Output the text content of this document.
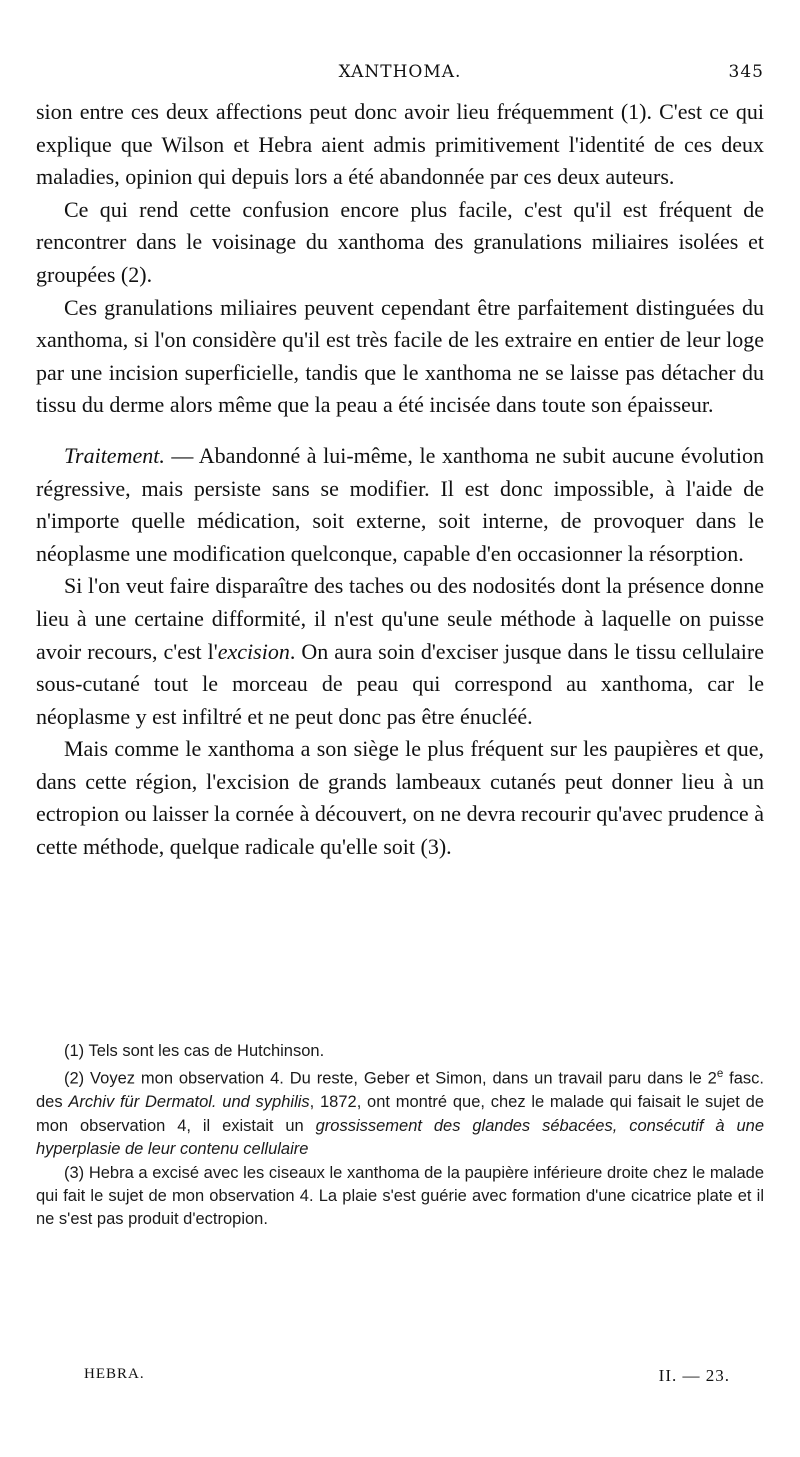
XANTHOMA.	345

sion entre ces deux affections peut donc avoir lieu fréquemment (1). C'est ce qui explique que Wilson et Hebra aient admis primitivement l'identité de ces deux maladies, opinion qui depuis lors a été abandonnée par ces deux auteurs.

Ce qui rend cette confusion encore plus facile, c'est qu'il est fréquent de rencontrer dans le voisinage du xanthoma des granulations miliaires isolées et groupées (2).

Ces granulations miliaires peuvent cependant être parfaitement distinguées du xanthoma, si l'on considère qu'il est très facile de les extraire en entier de leur loge par une incision superficielle, tandis que le xanthoma ne se laisse pas détacher du tissu du derme alors même que la peau a été incisée dans toute son épaisseur.

Traitement. — Abandonné à lui-même, le xanthoma ne subit aucune évolution régressive, mais persiste sans se modifier. Il est donc impossible, à l'aide de n'importe quelle médication, soit externe, soit interne, de provoquer dans le néoplasme une modification quelconque, capable d'en occasionner la résorption.

Si l'on veut faire disparaître des taches ou des nodosités dont la présence donne lieu à une certaine difformité, il n'est qu'une seule méthode à laquelle on puisse avoir recours, c'est l'excision. On aura soin d'exciser jusque dans le tissu cellulaire sous-cutané tout le morceau de peau qui correspond au xanthoma, car le néoplasme y est infiltré et ne peut donc pas être énucléé.

Mais comme le xanthoma a son siège le plus fréquent sur les paupières et que, dans cette région, l'excision de grands lambeaux cutanés peut donner lieu à un ectropion ou laisser la cornée à découvert, on ne devra recourir qu'avec prudence à cette méthode, quelque radicale qu'elle soit (3).

(1) Tels sont les cas de Hutchinson.

(2) Voyez mon observation 4. Du reste, Geber et Simon, dans un travail paru dans le 2e fasc. des Archiv für Dermatol. und syphilis, 1872, ont montré que, chez le malade qui faisait le sujet de mon observation 4, il existait un grossissement des glandes sébacées, consécutif à une hyperplasie de leur contenu cellulaire

(3) Hebra a excisé avec les ciseaux le xanthoma de la paupière inférieure droite chez le malade qui fait le sujet de mon observation 4. La plaie s'est guérie avec formation d'une cicatrice plate et il ne s'est pas produit d'ectropion.

HEBRA.	II. — 23.
